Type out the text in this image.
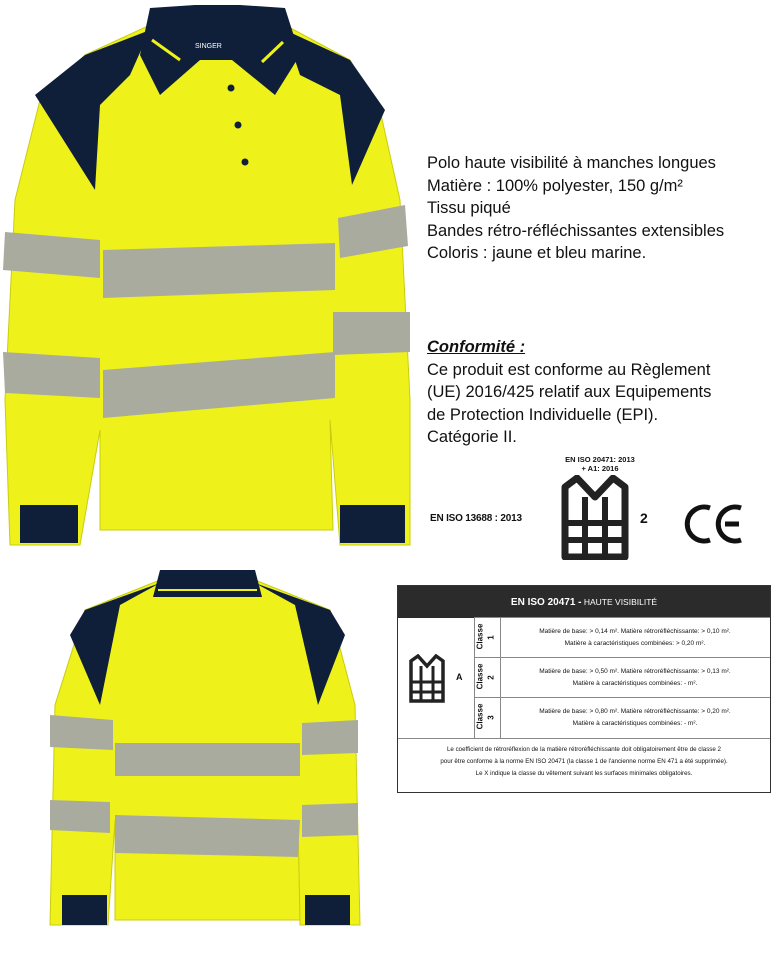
SINGER
Polo haute visibilité à manches longues
Matière : 100% polyester, 150 g/m²
Tissu piqué
Bandes rétro-réfléchissantes extensibles
Coloris : jaune et bleu marine.
Conformité :
Ce produit est conforme au Règlement
(UE) 2016/425 relatif aux Equipements
de Protection Individuelle (EPI).
Catégorie II.
EN ISO 13688 : 2013
EN ISO 20471: 2013
+ A1: 2016
2
EN ISO 20471 - HAUTE VISIBILITÉ
A
Classe 1
Matière de base: > 0,14 m². Matière rétroréfléchissante: > 0,10 m².
Matière à caractéristiques combinées: > 0,20 m².
Classe 2
Matière de base: > 0,50 m². Matière rétroréfléchissante: > 0,13 m².
Matière à caractéristiques combinées: - m².
Classe 3
Matière de base: > 0,80 m². Matière rétroréfléchissante: > 0,20 m².
Matière à caractéristiques combinées: - m².
Le coefficient de rétroréflexion de la matière rétroréfléchissante doit obligatoirement être de classe 2
pour être conforme à la norme EN ISO 20471 (la classe 1 de l'ancienne norme EN 471 a été supprimée).
Le X indique la classe du vêtement suivant les surfaces minimales obligatoires.
